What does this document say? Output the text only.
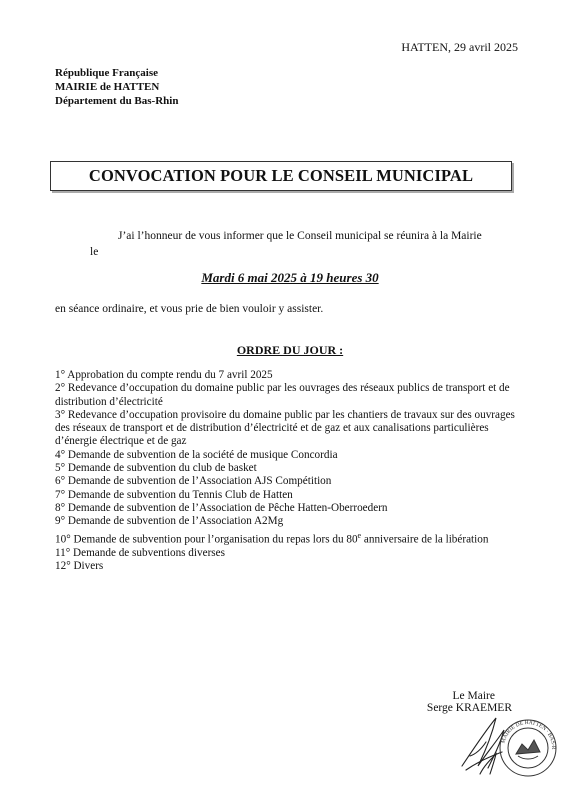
HATTEN, 29 avril 2025
République Française
MAIRIE de HATTEN
Département du Bas-Rhin
CONVOCATION POUR LE CONSEIL MUNICIPAL
J’ai l’honneur de vous informer que le Conseil municipal se réunira à la Mairie
le
Mardi 6 mai 2025 à 19 heures 30
en séance ordinaire, et vous prie de bien vouloir y assister.
ORDRE DU JOUR :
1° Approbation du compte rendu du 7 avril 2025
2° Redevance d’occupation du domaine public par les ouvrages des réseaux publics de transport et de distribution d’électricité
3° Redevance d’occupation provisoire du domaine public par les chantiers de travaux sur des ouvrages des réseaux de transport et de distribution d’électricité et de gaz et aux canalisations particulières d’énergie électrique et de gaz
4° Demande de subvention de la société de musique Concordia
5° Demande de subvention du club de basket
6° Demande de subvention de l’Association AJS Compétition
7° Demande de subvention du Tennis Club de Hatten
8° Demande de subvention de l’Association de Pêche Hatten-Oberroedern
9° Demande de subvention de l’Association A2Mg
10° Demande de subvention pour l’organisation du repas lors du 80e anniversaire de la libération
11° Demande de subventions diverses
12° Divers
Le Maire
Serge KRAEMER
MAIRIE DE HATTEN · BAS-R
